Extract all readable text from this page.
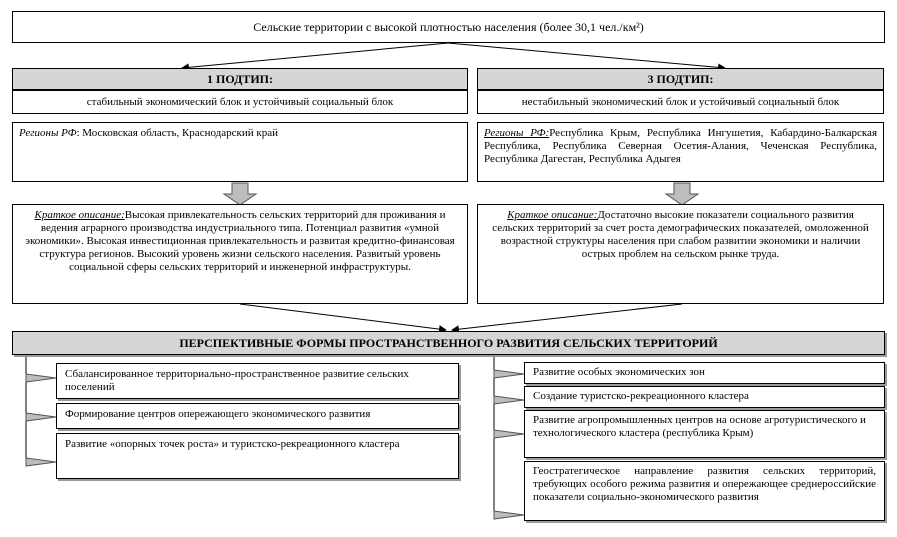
Сельские территории с высокой плотностью населения (более 30,1 чел./км²)
1 ПОДТИП:
стабильный экономический блок и устойчивый социальный блок
Регионы РФ: Московская область, Краснодарский край
Краткое описание:Высокая привлекательность сельских территорий для проживания и ведения аграрного производства индустриального типа. Потенциал развития «умной экономики». Высокая инвестиционная привлекательность и развитая кредитно-финансовая структура регионов. Высокий уровень жизни сельского населения. Развитый уровень социальной сферы сельских территорий и инженерной инфраструктуры.
3 ПОДТИП:
нестабильный экономический блок и устойчивый социальный блок
Регионы РФ:Республика Крым, Республика Ингушетия, Кабардино-Балкарская Республика, Республика Северная Осетия-Алания, Чеченская Республика, Республика Дагестан, Республика Адыгея
Краткое описание:Достаточно высокие показатели социального развития сельских территорий за счет роста демографических показателей, омоложенной возрастной структуры населения при слабом развитии экономики и наличии острых проблем на сельском рынке труда.
ПЕРСПЕКТИВНЫЕ ФОРМЫ ПРОСТРАНСТВЕННОГО РАЗВИТИЯ СЕЛЬСКИХ ТЕРРИТОРИЙ
Сбалансированное территориально-пространственное развитие сельских поселений
Формирование центров опережающего экономического развития
Развитие «опорных точек роста» и туристско-рекреационного кластера
Развитие особых экономических зон
Создание туристско-рекреационного кластера
Развитие агропромышленных центров на основе агротуристического и технологического кластера (республика Крым)
Геостратегическое направление развития сельских территорий, требующих особого режима развития и опережающее среднероссийские показатели социально-экономического развития
